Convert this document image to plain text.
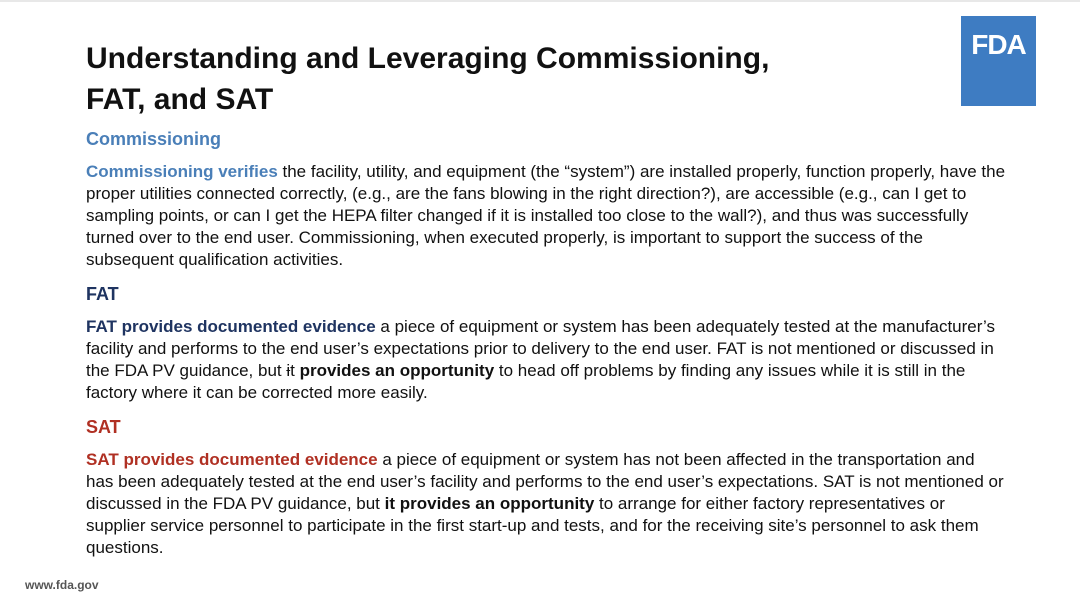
Understanding and Leveraging Commissioning,
FAT, and SAT
FDA
Commissioning

Commissioning verifies the facility, utility, and equipment (the “system”) are installed properly, function properly, have the proper utilities connected correctly, (e.g., are the fans blowing in the right direction?), are accessible (e.g., can I get to sampling points, or can I get the HEPA filter changed if it is installed too close to the wall?), and thus was successfully turned over to the end user. Commissioning, when executed properly, is important to support the success of the subsequent qualification activities.

FAT

FAT provides documented evidence a piece of equipment or system has been adequately tested at the manufacturer’s facility and performs to the end user’s expectations prior to delivery to the end user. FAT is not mentioned or discussed in the FDA PV guidance, but it provides an opportunity to head off problems by finding any issues while it is still in the factory where it can be corrected more easily.

SAT

SAT provides documented evidence a piece of equipment or system has not been affected in the transportation and has been adequately tested at the end user’s facility and performs to the end user’s expectations. SAT is not mentioned or discussed in the FDA PV guidance, but it provides an opportunity to arrange for either factory representatives or supplier service personnel to participate in the first start-up and tests, and for the receiving site’s personnel to ask them questions.

www.fda.gov
